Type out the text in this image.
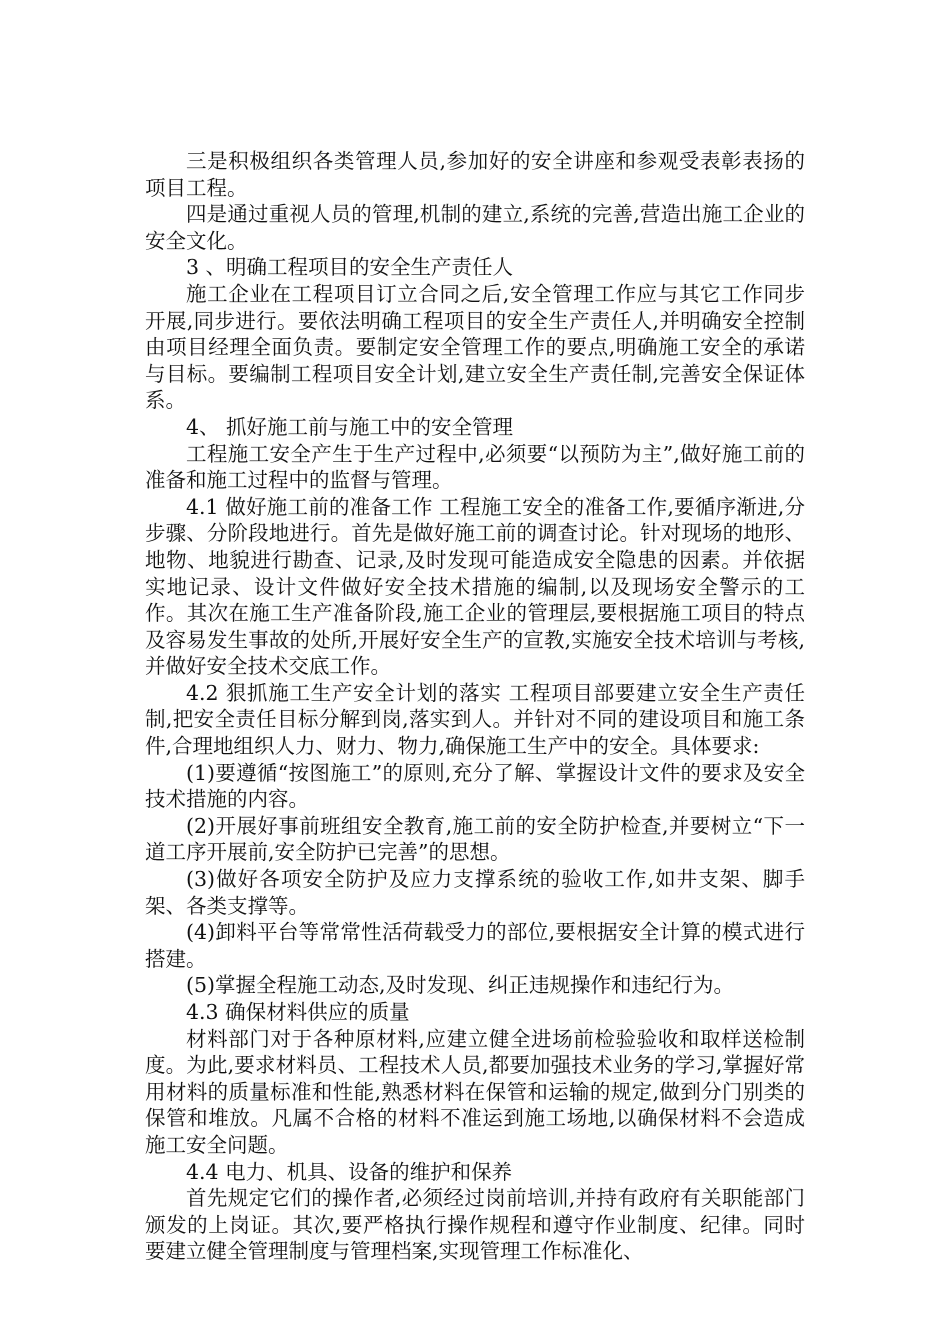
三是积极组织各类管理人员,参加好的安全讲座和参观受表彰表扬的项目工程。

四是通过重视人员的管理,机制的建立,系统的完善,营造出施工企业的安全文化。

3 、明确工程项目的安全生产责任人

施工企业在工程项目订立合同之后,安全管理工作应与其它工作同步开展,同步进行。要依法明确工程项目的安全生产责任人,并明确安全控制由项目经理全面负责。要制定安全管理工作的要点,明确施工安全的承诺与目标。要编制工程项目安全计划,建立安全生产责任制,完善安全保证体系。

4、 抓好施工前与施工中的安全管理

工程施工安全产生于生产过程中,必须要“以预防为主”,做好施工前的准备和施工过程中的监督与管理。

4.1 做好施工前的准备工作 工程施工安全的准备工作,要循序渐进,分步骤、分阶段地进行。首先是做好施工前的调查讨论。针对现场的地形、地物、地貌进行勘查、记录,及时发现可能造成安全隐患的因素。并依据实地记录、设计文件做好安全技术措施的编制,以及现场安全警示的工作。其次在施工生产准备阶段,施工企业的管理层,要根据施工项目的特点及容易发生事故的处所,开展好安全生产的宣教,实施安全技术培训与考核,并做好安全技术交底工作。

4.2 狠抓施工生产安全计划的落实 工程项目部要建立安全生产责任制,把安全责任目标分解到岗,落实到人。并针对不同的建设项目和施工条件,合理地组织人力、财力、物力,确保施工生产中的安全。具体要求:

(1)要遵循“按图施工”的原则,充分了解、掌握设计文件的要求及安全技术措施的内容。

(2)开展好事前班组安全教育,施工前的安全防护检查,并要树立“下一道工序开展前,安全防护已完善”的思想。

(3)做好各项安全防护及应力支撑系统的验收工作,如井支架、脚手架、各类支撑等。

(4)卸料平台等常常性活荷载受力的部位,要根据安全计算的模式进行搭建。

(5)掌握全程施工动态,及时发现、纠正违规操作和违纪行为。

4.3 确保材料供应的质量

材料部门对于各种原材料,应建立健全进场前检验验收和取样送检制度。为此,要求材料员、工程技术人员,都要加强技术业务的学习,掌握好常用材料的质量标准和性能,熟悉材料在保管和运输的规定,做到分门别类的保管和堆放。凡属不合格的材料不准运到施工场地,以确保材料不会造成施工安全问题。

4.4 电力、机具、设备的维护和保养

首先规定它们的操作者,必须经过岗前培训,并持有政府有关职能部门颁发的上岗证。其次,要严格执行操作规程和遵守作业制度、纪律。同时要建立健全管理制度与管理档案,实现管理工作标准化、
